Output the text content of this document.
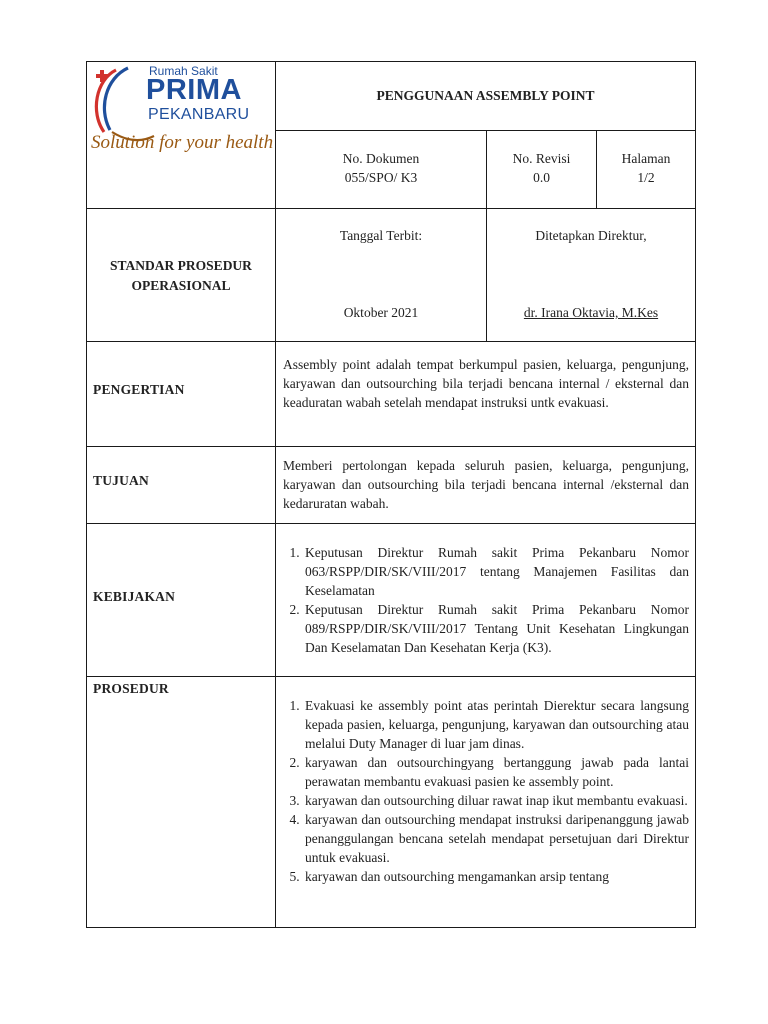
Rumah Sakit
PRIMA
PEKANBARU
Solution for your health
PENGGUNAAN ASSEMBLY POINT
No. Dokumen
055/SPO/ K3
No. Revisi
0.0
Halaman
1/2
STANDAR PROSEDUR
OPERASIONAL
Tanggal Terbit:
Oktober 2021
Ditetapkan Direktur,
dr. Irana Oktavia, M.Kes
PENGERTIAN
Assembly point adalah tempat berkumpul pasien, keluarga, pengunjung, karyawan dan outsourching bila terjadi bencana internal / eksternal dan keaduratan wabah setelah mendapat instruksi untk evakuasi.
TUJUAN
Memberi pertolongan kepada seluruh pasien, keluarga, pengunjung, karyawan dan outsourching bila terjadi bencana internal /eksternal dan kedaruratan wabah.
KEBIJAKAN
1. Keputusan Direktur Rumah sakit Prima Pekanbaru Nomor 063/RSPP/DIR/SK/VIII/2017 tentang Manajemen Fasilitas dan Keselamatan
2. Keputusan Direktur Rumah sakit Prima Pekanbaru Nomor 089/RSPP/DIR/SK/VIII/2017 Tentang Unit Kesehatan Lingkungan Dan Keselamatan Dan Kesehatan Kerja (K3).
PROSEDUR
1. Evakuasi ke assembly point atas perintah Dierektur secara langsung kepada pasien, keluarga, pengunjung, karyawan dan outsourching atau melalui Duty Manager di luar jam dinas.
2. karyawan dan outsourchingyang bertanggung jawab pada lantai perawatan membantu evakuasi pasien ke assembly point.
3. karyawan dan outsourching diluar rawat inap ikut membantu evakuasi.
4. karyawan dan outsourching mendapat instruksi daripenanggung jawab penanggulangan bencana setelah mendapat persetujuan dari Direktur untuk evakuasi.
5. karyawan dan outsourching mengamankan arsip tentang
